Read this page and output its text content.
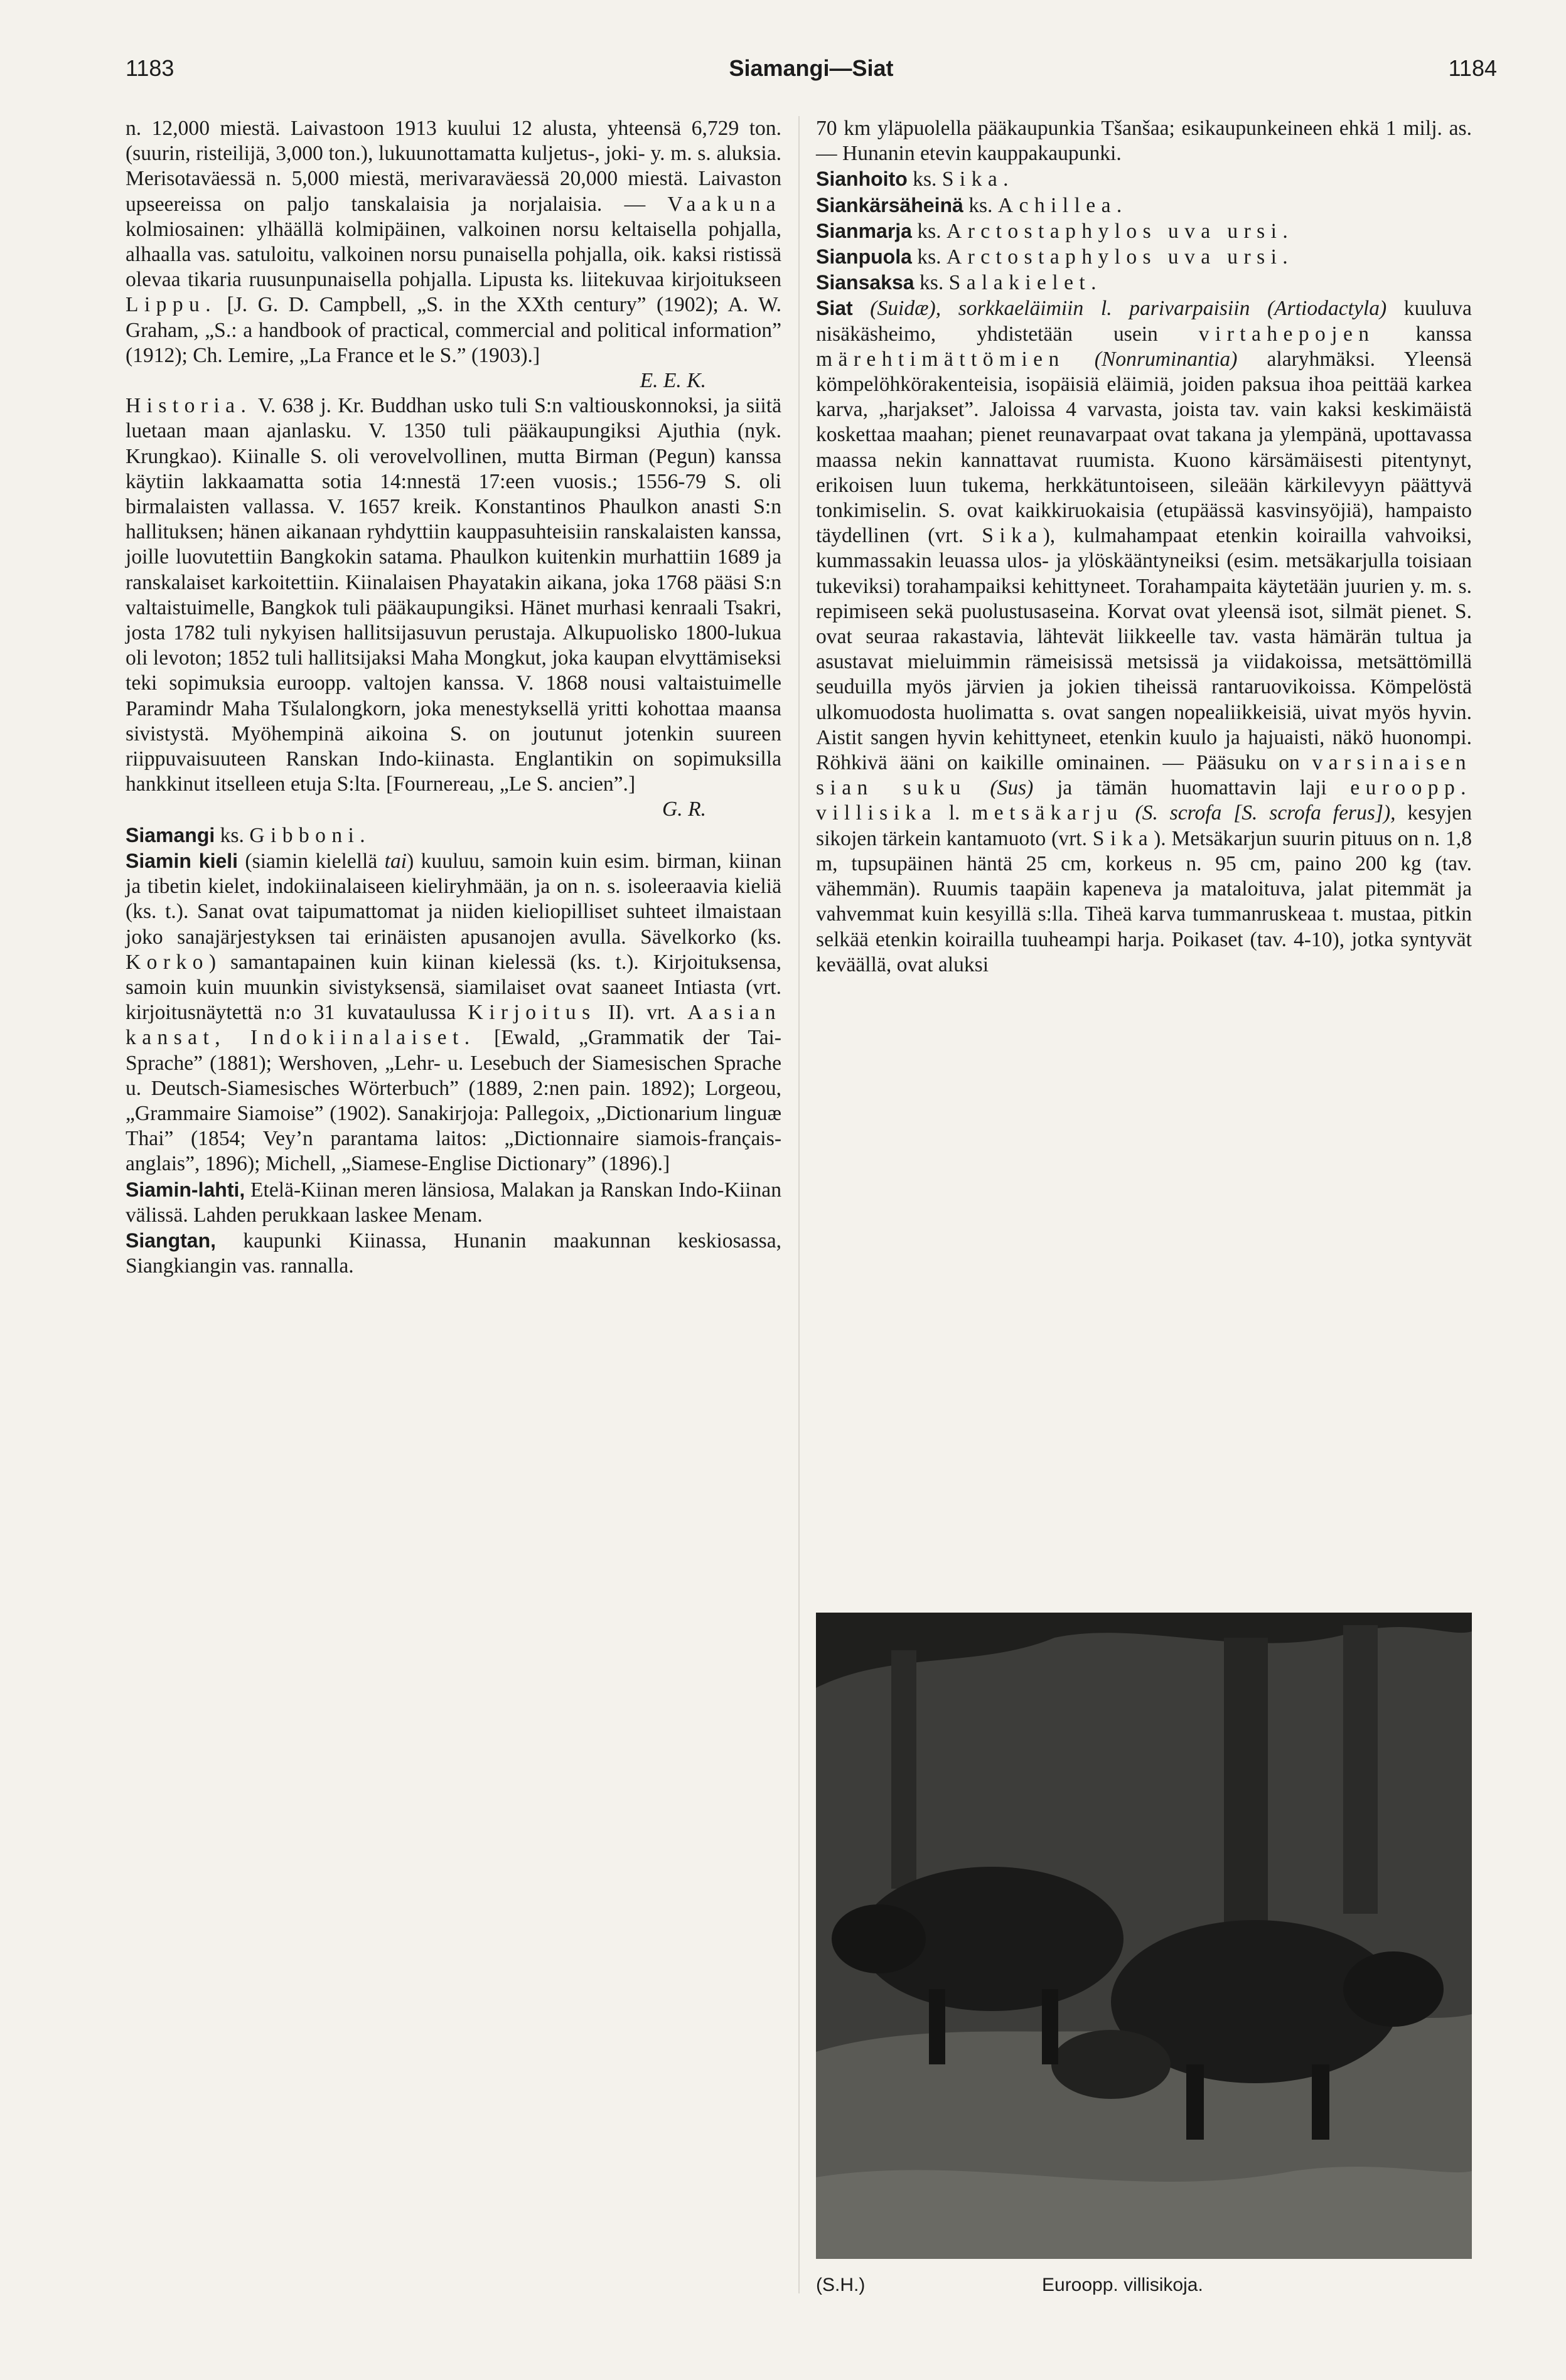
1183	Siamangi—Siat	1184

n. 12,000 miestä. Laivastoon 1913 kuului 12 alusta, yhteensä 6,729 ton. (suurin, risteilijä, 3,000 ton.), lukuunottamatta kuljetus-, joki- y. m. s. aluksia. Merisotaväessä n. 5,000 miestä, merivaraväessä 20,000 miestä. Laivaston upseereissa on paljo tanskalaisia ja norjalaisia. — Vaakuna kolmiosainen: ylhäällä kolmipäinen, valkoinen norsu keltaisella pohjalla, alhaalla vas. satuloitu, valkoinen norsu punaisella pohjalla, oik. kaksi ristissä olevaa tikaria ruusunpunaisella pohjalla. Lipusta ks. liitekuvaa kirjoitukseen Lippu. [J. G. D. Campbell, „S. in the XXth century” (1902); A. W. Graham, „S.: a handbook of practical, commercial and political information” (1912); Ch. Lemire, „La France et le S.” (1903).]

E. E. K.

Historia. V. 638 j. Kr. Buddhan usko tuli S:n valtiouskonnoksi, ja siitä luetaan maan ajanlasku. V. 1350 tuli pääkaupungiksi Ajuthia (nyk. Krungkao). Kiinalle S. oli verovelvollinen, mutta Birman (Pegun) kanssa käytiin lakkaamatta sotia 14:nnestä 17:een vuosis.; 1556-79 S. oli birmalaisten vallassa. V. 1657 kreik. Konstantinos Phaulkon anasti S:n hallituksen; hänen aikanaan ryhdyttiin kauppasuhteisiin ranskalaisten kanssa, joille luovutettiin Bangkokin satama. Phaulkon kuitenkin murhattiin 1689 ja ranskalaiset karkoitettiin. Kiinalaisen Phayatakin aikana, joka 1768 pääsi S:n valtaistuimelle, Bangkok tuli pääkaupungiksi. Hänet murhasi kenraali Tsakri, josta 1782 tuli nykyisen hallitsijasuvun perustaja. Alkupuolisko 1800-lukua oli levoton; 1852 tuli hallitsijaksi Maha Mongkut, joka kaupan elvyttämiseksi teki sopimuksia euroopp. valtojen kanssa. V. 1868 nousi valtaistuimelle Paramindr Maha Tšulalongkorn, joka menestyksellä yritti kohottaa maansa sivistystä. Myöhempinä aikoina S. on joutunut jotenkin suureen riippuvaisuuteen Ranskan Indo-kiinasta. Englantikin on sopimuksilla hankkinut itselleen etuja S:lta. [Fournereau, „Le S. ancien”.]

G. R.

Siamangi ks. Gibboni.

Siamin kieli (siamin kielellä tai) kuuluu, samoin kuin esim. birman, kiinan ja tibetin kielet, indokiinalaiseen kieliryhmään, ja on n. s. isoleeraavia kieliä (ks. t.). Sanat ovat taipumattomat ja niiden kieliopilliset suhteet ilmaistaan joko sanajärjestyksen tai erinäisten apusanojen avulla. Sävelkorko (ks. Korko) samantapainen kuin kiinan kielessä (ks. t.). Kirjoituksensa, samoin kuin muunkin sivistyksensä, siamilaiset ovat saaneet Intiasta (vrt. kirjoitusnäytettä n:o 31 kuvataulussa Kirjoitus II). vrt. Aasian kansat, Indokiinalaiset. [Ewald, „Grammatik der Tai-Sprache” (1881); Wershoven, „Lehr- u. Lesebuch der Siamesischen Sprache u. Deutsch-Siamesisches Wörterbuch” (1889, 2:nen pain. 1892); Lorgeou, „Grammaire Siamoise” (1902). Sanakirjoja: Pallegoix, „Dictionarium linguæ Thai” (1854; Vey’n parantama laitos: „Dictionnaire siamois-français-anglais”, 1896); Michell, „Siamese-Englise Dictionary” (1896).]

Siamin-lahti, Etelä-Kiinan meren länsiosa, Malakan ja Ranskan Indo-Kiinan välissä. Lahden perukkaan laskee Menam.

Siangtan, kaupunki Kiinassa, Hunanin maakunnan keskiosassa, Siangkiangin vas. rannalla.

70 km yläpuolella pääkaupunkia Tšanšaa; esikaupunkeineen ehkä 1 milj. as. — Hunanin etevin kauppakaupunki.

Sianhoito ks. Sika.

Siankärsäheinä ks. Achillea.

Sianmarja ks. Arctostaphylos uva ursi.

Sianpuola ks. Arctostaphylos uva ursi.

Siansaksa ks. Salakielet.

Siat (Suidæ), sorkkaeläimiin l. parivarpaisiin (Artiodactyla) kuuluva nisäkäsheimo, yhdistetään usein virtahepojen kanssa märehtimättömien (Nonruminantia) alaryhmäksi. Yleensä kömpelöhkörakenteisia, isopäisiä eläimiä, joiden paksua ihoa peittää karkea karva, „harjakset”. Jaloissa 4 varvasta, joista tav. vain kaksi keskimäistä koskettaa maahan; pienet reunavarpaat ovat takana ja ylempänä, upottavassa maassa nekin kannattavat ruumista. Kuono kärsämäisesti pitentynyt, erikoisen luun tukema, herkkätuntoiseen, sileään kärkilevyyn päättyvä tonkimiselin. S. ovat kaikkiruokaisia (etupäässä kasvinsyöjiä), hampaisto täydellinen (vrt. Sika), kulmahampaat etenkin koirailla vahvoiksi, kummassakin leuassa ulos- ja ylöskääntyneiksi (esim. metsäkarjulla toisiaan tukeviksi) torahampaiksi kehittyneet. Torahampaita käytetään juurien y. m. s. repimiseen sekä puolustusaseina. Korvat ovat yleensä isot, silmät pienet. S. ovat seuraa rakastavia, lähtevät liikkeelle tav. vasta hämärän tultua ja asustavat mieluimmin rämeisissä metsissä ja viidakoissa, metsättömillä seuduilla myös järvien ja jokien tiheissä rantaruovikoissa. Kömpelöstä ulkomuodosta huolimatta s. ovat sangen nopealiikkeisiä, uivat myös hyvin. Aistit sangen hyvin kehittyneet, etenkin kuulo ja hajuaisti, näkö huonompi. Röhkivä ääni on kaikille ominainen. — Pääsuku on varsinaisen sian suku (Sus) ja tämän huomattavin laji euroopp. villisika l. metsäkarju (S. scrofa [S. scrofa ferus]), kesyjen sikojen tärkein kantamuoto (vrt. Sika). Metsäkarjun suurin pituus on n. 1,8 m, tupsupäinen häntä 25 cm, korkeus n. 95 cm, paino 200 kg (tav. vähemmän). Ruumis taapäin kapeneva ja mataloituva, jalat pitemmät ja vahvemmat kuin kesyillä s:lla. Tiheä karva tummanruskeaa t. mustaa, pitkin selkää etenkin koirailla tuuheampi harja. Poikaset (tav. 4-10), jotka syntyvät keväällä, ovat aluksi

(S.H.)	Euroopp. villisikoja.
